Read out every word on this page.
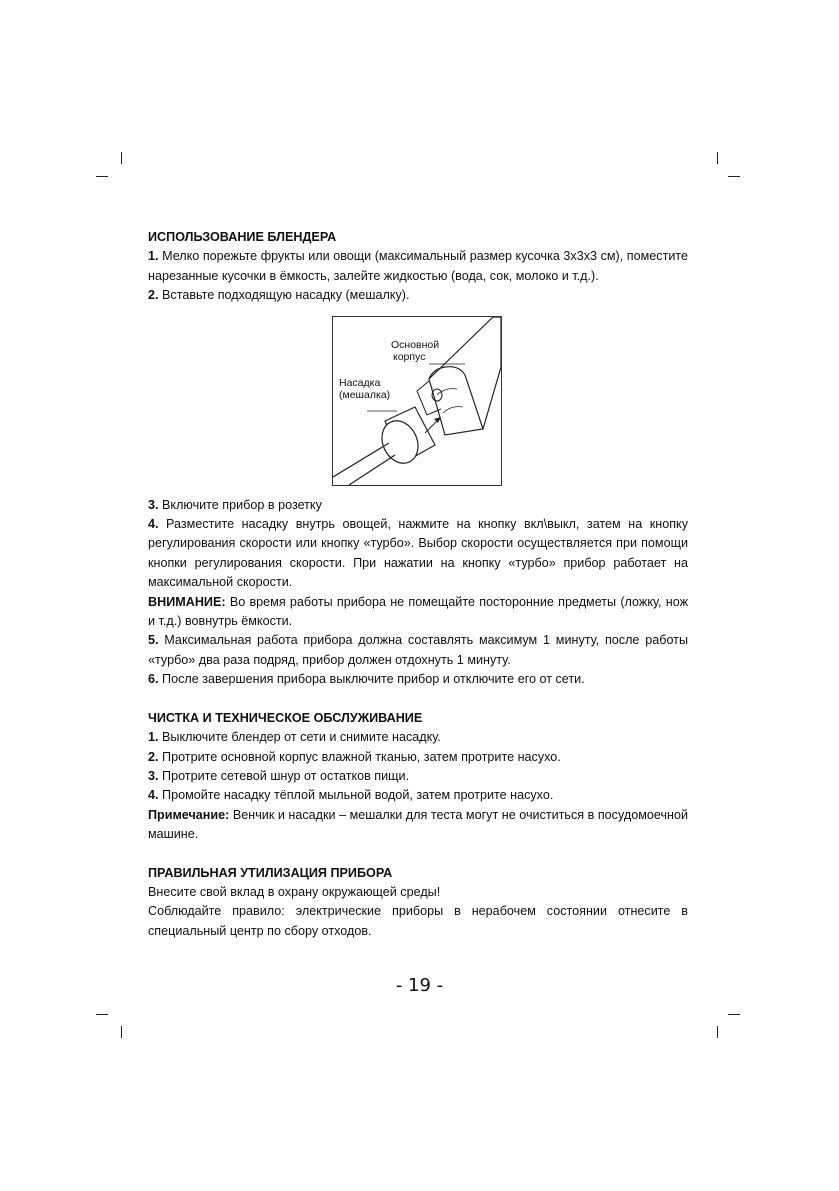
ИСПОЛЬЗОВАНИЕ БЛЕНДЕРА

1. Мелко порежьте фрукты или овощи (максимальный размер кусочка 3х3х3 см), поместите нарезанные кусочки в ёмкость, залейте жидкостью (вода, сок, молоко и т.д.).

2. Вставьте подходящую насадку (мешалку).

Основной
корпус
Насадка
(мешалка)

3. Включите прибор в розетку

4. Разместите насадку внутрь овощей, нажмите на кнопку вкл\выкл, затем на кнопку регулирования скорости или кнопку «турбо». Выбор скорости осуществляется при помощи кнопки регулирования скорости. При нажатии на кнопку «турбо» прибор работает на максимальной скорости.

ВНИМАНИЕ: Во время работы прибора не помещайте посторонние предметы (ложку, нож и т.д.) вовнутрь ёмкости.

5. Максимальная работа прибора должна составлять максимум 1 минуту, после работы «турбо» два раза подряд, прибор должен отдохнуть 1 минуту.

6. После завершения прибора выключите прибор и отключите его от сети.

ЧИСТКА И ТЕХНИЧЕСКОЕ ОБСЛУЖИВАНИЕ

1. Выключите блендер от сети и снимите насадку.

2. Протрите основной корпус влажной тканью, затем протрите насухо.

3. Протрите сетевой шнур от остатков пищи.

4. Промойте насадку тёплой мыльной водой, затем протрите насухо.

Примечание: Венчик и насадки – мешалки для теста могут не очиститься в посудомоечной машине.

ПРАВИЛЬНАЯ УТИЛИЗАЦИЯ ПРИБОРА

Внесите свой вклад в охрану окружающей среды!

Соблюдайте правило: электрические приборы в нерабочем состоянии отнесите в специальный центр по сбору отходов.

- 19 -
